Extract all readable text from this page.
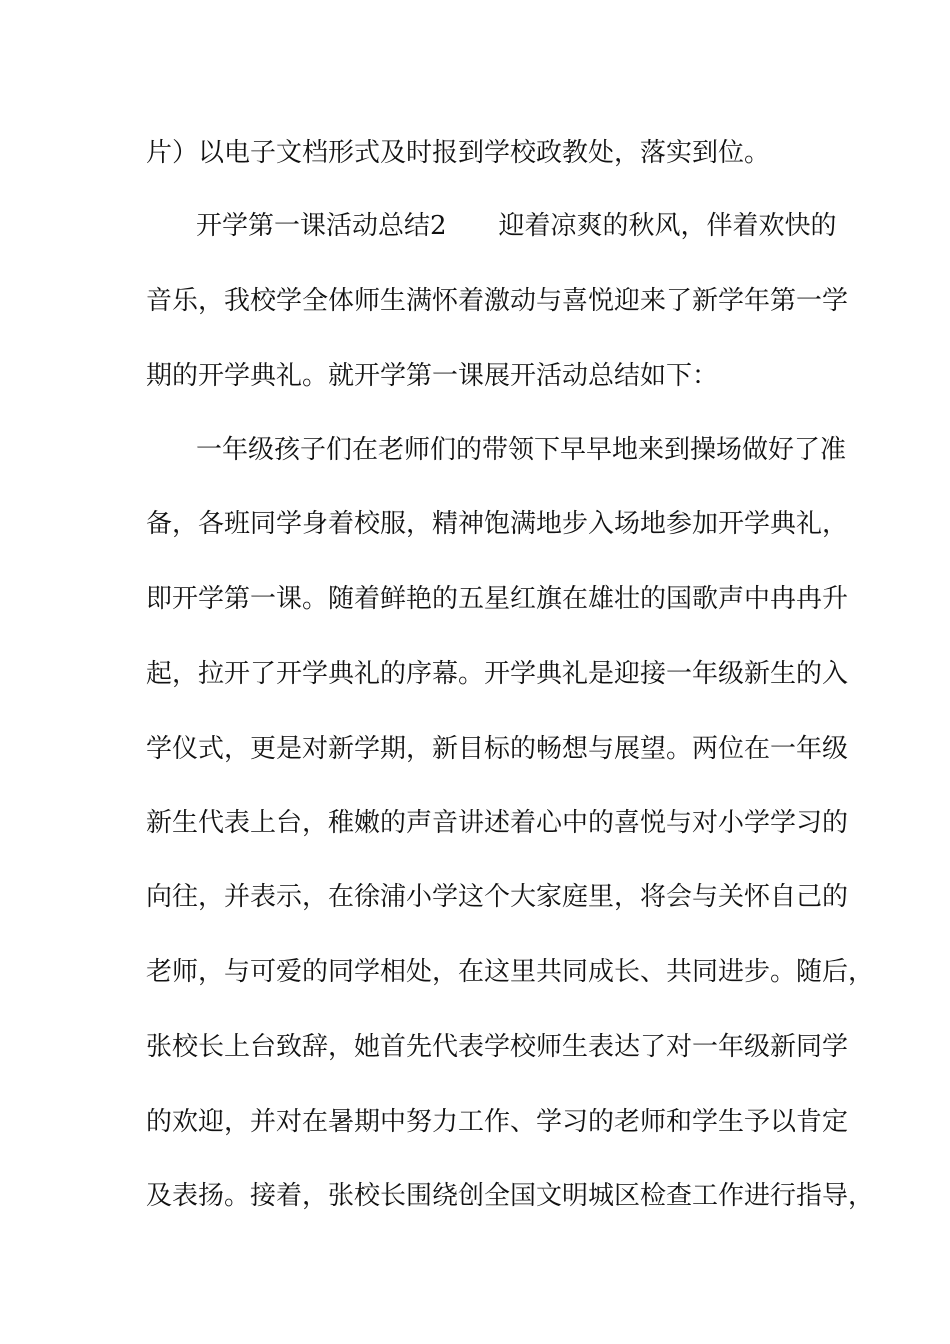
片）以电子文档形式及时报到学校政教处，落实到位。
开学第一课活动总结2 迎着凉爽的秋风，伴着欢快的
音乐，我校学全体师生满怀着激动与喜悦迎来了新学年第一学
期的开学典礼。就开学第一课展开活动总结如下：
一年级孩子们在老师们的带领下早早地来到操场做好了准
备，各班同学身着校服，精神饱满地步入场地参加开学典礼，
即开学第一课。随着鲜艳的五星红旗在雄壮的国歌声中冉冉升
起，拉开了开学典礼的序幕。开学典礼是迎接一年级新生的入
学仪式，更是对新学期，新目标的畅想与展望。两位在一年级
新生代表上台，稚嫩的声音讲述着心中的喜悦与对小学学习的
向往，并表示，在徐浦小学这个大家庭里，将会与关怀自己的
老师，与可爱的同学相处，在这里共同成长、共同进步。随后，
张校长上台致辞，她首先代表学校师生表达了对一年级新同学
的欢迎，并对在暑期中努力工作、学习的老师和学生予以肯定
及表扬。接着，张校长围绕创全国文明城区检查工作进行指导，
